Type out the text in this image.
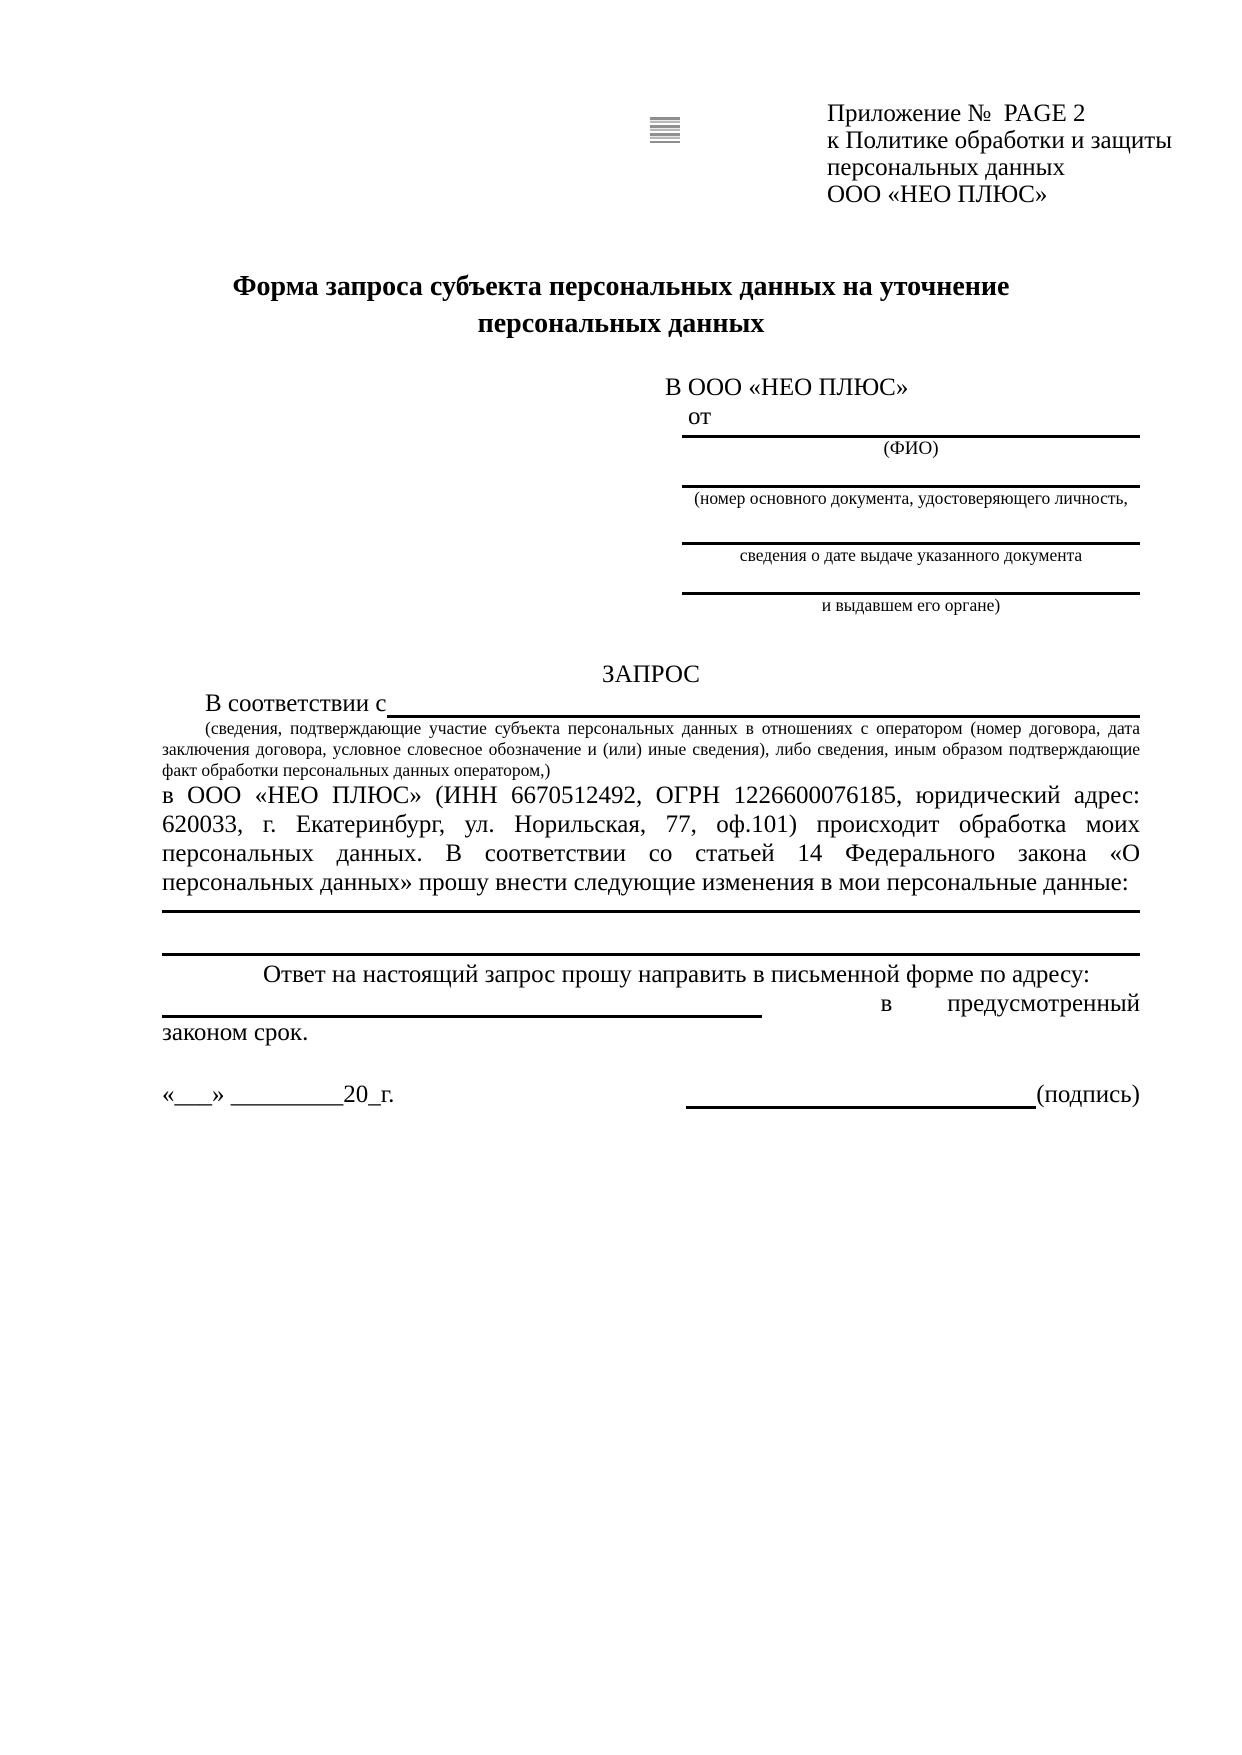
Приложение №  PAGE 2
к Политике обработки и защиты
персональных данных
ООО «НЕО ПЛЮС»
Форма запроса субъекта персональных данных на уточнение персональных данных
В ООО «НЕО ПЛЮС»
от
(ФИО)
(номер основного документа, удостоверяющего личность,
сведения о дате выдаче указанного документа
и выдавшем его органе)
ЗАПРОС
В соответствии с
(сведения, подтверждающие участие субъекта персональных данных в отношениях с оператором (номер договора, дата заключения договора, условное словесное обозначение и (или) иные сведения), либо сведения, иным образом подтверждающие факт обработки персональных данных оператором,)

в ООО «НЕО ПЛЮС» (ИНН 6670512492, ОГРН 1226600076185, юридический адрес: 620033, г. Екатеринбург, ул. Норильская, 77, оф.101) происходит обработка моих персональных данных. В соответствии со статьей 14 Федерального закона «О персональных данных» прошу внести следующие изменения в мои персональные данные:

Ответ на настоящий запрос прошу направить в письменной форме по адресу:

в предусмотренный
законом срок.
«___» _________20_г.	(подпись)
